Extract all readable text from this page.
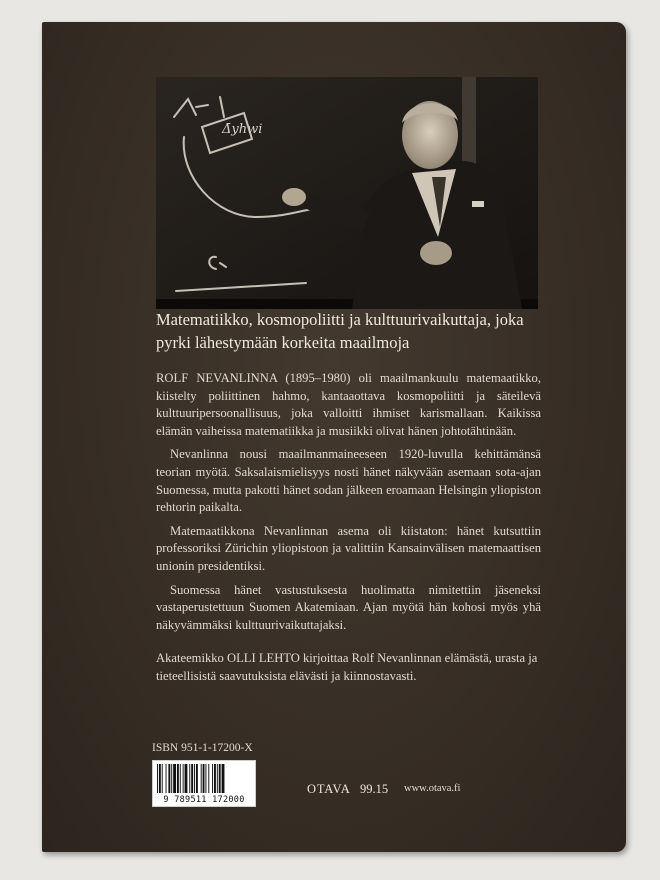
Δ̄yhwi
Matematiikko, kosmopoliitti ja kulttuurivaikuttaja, joka pyrki lähestymään korkeita maailmoja

ROLF NEVANLINNA (1895–1980) oli maailmankuulu matemaatikko, kiistelty poliittinen hahmo, kantaaottava kosmopoliitti ja säteilevä kulttuuripersoonallisuus, joka valloitti ihmiset karismallaan. Kaikissa elämän vaiheissa matematiikka ja musiikki olivat hänen johtotähtinään.

Nevanlinna nousi maailmanmaineeseen 1920-luvulla kehittämänsä teorian myötä. Saksalaismielisyys nosti hänet näkyvään asemaan sota-ajan Suomessa, mutta pakotti hänet sodan jälkeen eroamaan Helsingin yliopiston rehtorin paikalta.

Matemaatikkona Nevanlinnan asema oli kiistaton: hänet kutsuttiin professoriksi Zürichin yliopistoon ja valittiin Kansainvälisen matemaattisen unionin presidentiksi.

Suomessa hänet vastustuksesta huolimatta nimitettiin jäseneksi vastaperustettuun Suomen Akatemiaan. Ajan myötä hän kohosi myös yhä näkyvämmäksi kulttuurivaikuttajaksi.

Akateemikko OLLI LEHTO kirjoittaa Rolf Nevanlinnan elämästä, urasta ja tieteellisistä saavutuksista elävästi ja kiinnostavasti.

ISBN 951-1-17200-X
9 789511 172000
OTAVA 99.15 www.otava.fi
